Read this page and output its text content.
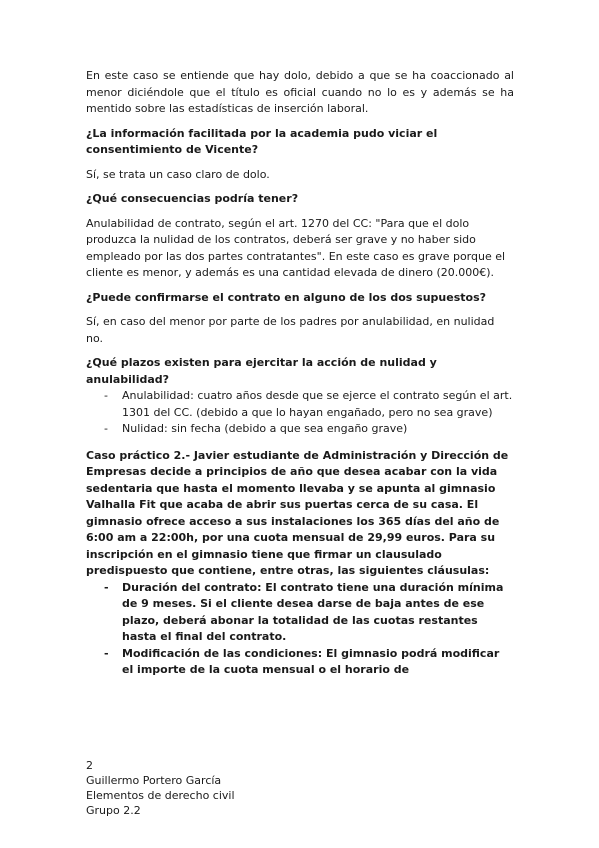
En este caso se entiende que hay dolo, debido a que se ha coaccionado al menor diciéndole que el título es oficial cuando no lo es y además se ha mentido sobre las estadísticas de inserción laboral.

¿La información facilitada por la academia pudo viciar el consentimiento de Vicente?

Sí, se trata un caso claro de dolo.

¿Qué consecuencias podría tener?

Anulabilidad de contrato, según el art. 1270 del CC: "Para que el dolo produzca la nulidad de los contratos, deberá ser grave y no haber sido empleado por las dos partes contratantes". En este caso es grave porque el cliente es menor, y además es una cantidad elevada de dinero (20.000€).

¿Puede confirmarse el contrato en alguno de los dos supuestos?

Sí, en caso del menor por parte de los padres por anulabilidad, en nulidad no.

¿Qué plazos existen para ejercitar la acción de nulidad y anulabilidad?

- Anulabilidad: cuatro años desde que se ejerce el contrato según el art. 1301 del CC. (debido a que lo hayan engañado, pero no sea grave)
- Nulidad: sin fecha (debido a que sea engaño grave)

Caso práctico 2.- Javier estudiante de Administración y Dirección de Empresas decide a principios de año que desea acabar con la vida sedentaria que hasta el momento llevaba y se apunta al gimnasio Valhalla Fit que acaba de abrir sus puertas cerca de su casa. El gimnasio ofrece acceso a sus instalaciones los 365 días del año de 6:00 am a 22:00h, por una cuota mensual de 29,99 euros. Para su inscripción en el gimnasio tiene que firmar un clausulado predispuesto que contiene, entre otras, las siguientes cláusulas:

- Duración del contrato: El contrato tiene una duración mínima de 9 meses. Si el cliente desea darse de baja antes de ese plazo, deberá abonar la totalidad de las cuotas restantes hasta el final del contrato.
- Modificación de las condiciones: El gimnasio podrá modificar el importe de la cuota mensual o el horario de
2
Guillermo Portero García
Elementos de derecho civil
Grupo 2.2
